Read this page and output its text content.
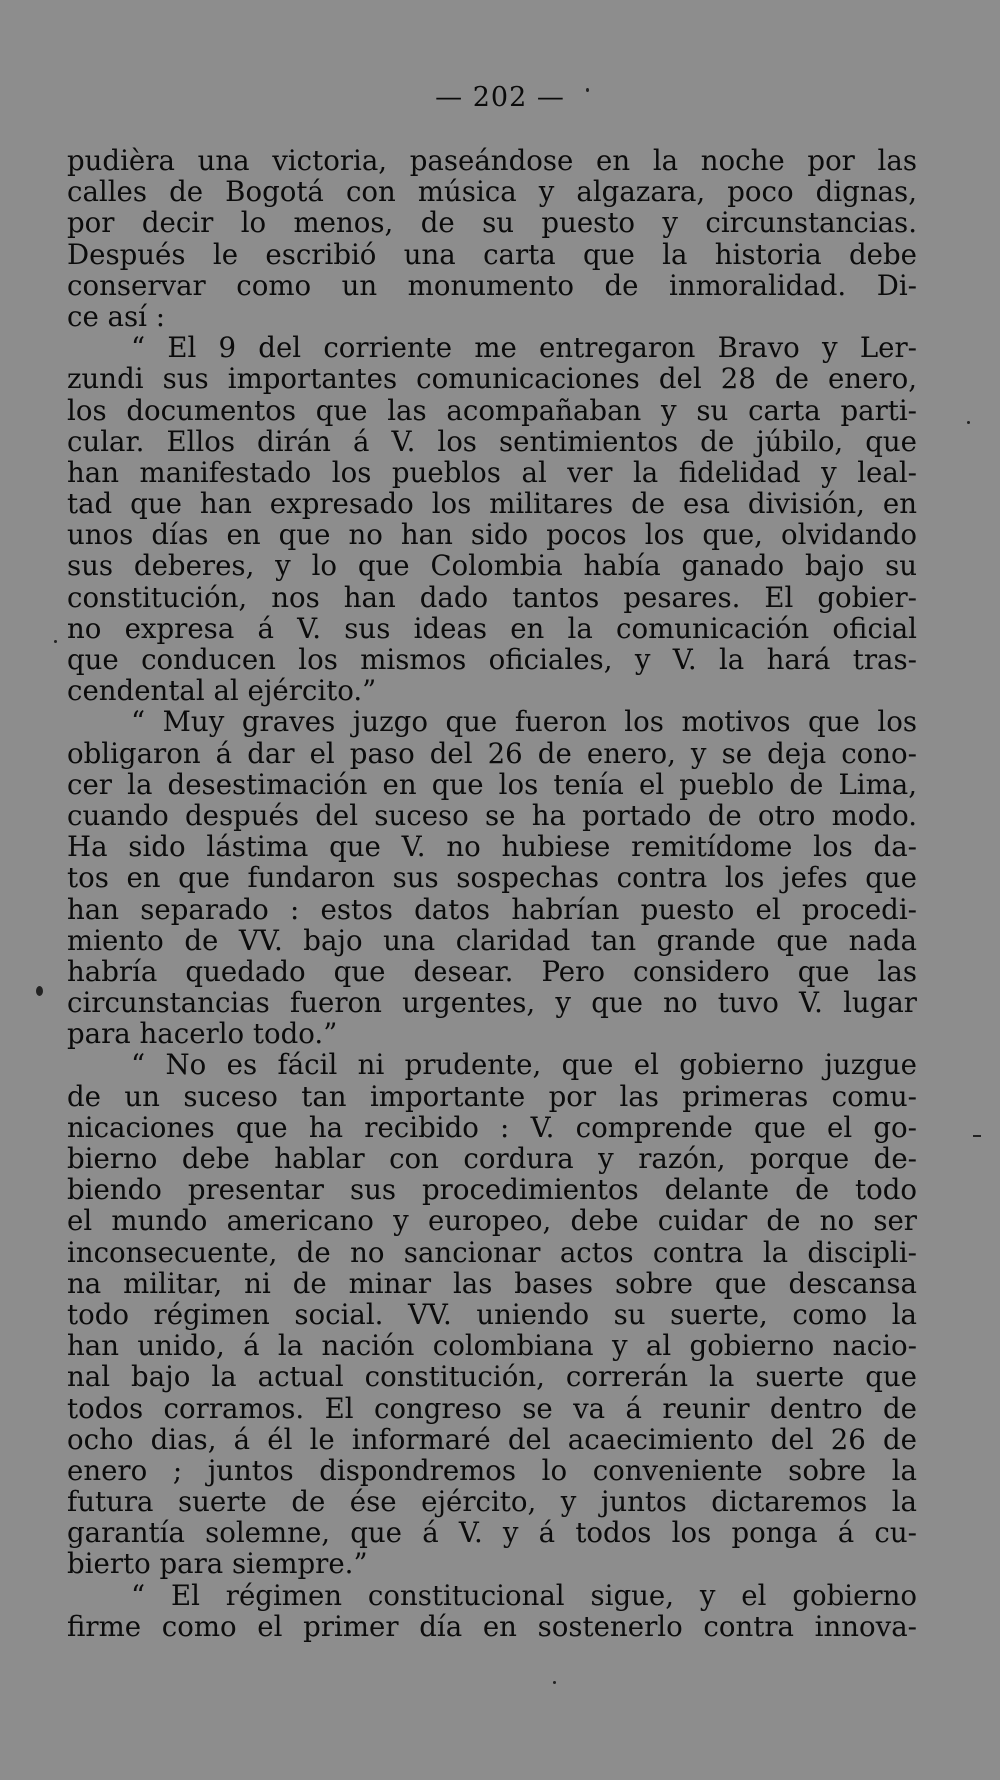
— 202 —
pudièra una victoria, paseándose en la noche por las
calles de Bogotá con música y algazara, poco dignas,
por decir lo menos, de su puesto y circunstancias.
Después le escribió una carta que la historia debe
conservar como un monumento de inmoralidad. Di-
ce así :
“ El 9 del corriente me entregaron Bravo y Ler-
zundi sus importantes comunicaciones del 28 de enero,
los documentos que las acompañaban y su carta parti-
cular. Ellos dirán á V. los sentimientos de júbilo, que
han manifestado los pueblos al ver la fidelidad y leal-
tad que han expresado los militares de esa división, en
unos días en que no han sido pocos los que, olvidando
sus deberes, y lo que Colombia había ganado bajo su
constitución, nos han dado tantos pesares. El gobier-
no expresa á V. sus ideas en la comunicación oficial
que conducen los mismos oficiales, y V. la hará tras-
cendental al ejército.”
“ Muy graves juzgo que fueron los motivos que los
obligaron á dar el paso del 26 de enero, y se deja cono-
cer la desestimación en que los tenía el pueblo de Lima,
cuando después del suceso se ha portado de otro modo.
Ha sido lástima que V. no hubiese remitídome los da-
tos en que fundaron sus sospechas contra los jefes que
han separado : estos datos habrían puesto el procedi-
miento de VV. bajo una claridad tan grande que nada
habría quedado que desear. Pero considero que las
circunstancias fueron urgentes, y que no tuvo V. lugar
para hacerlo todo.”
“ No es fácil ni prudente, que el gobierno juzgue
de un suceso tan importante por las primeras comu-
nicaciones que ha recibido : V. comprende que el go-
bierno debe hablar con cordura y razón, porque de-
biendo presentar sus procedimientos delante de todo
el mundo americano y europeo, debe cuidar de no ser
inconsecuente, de no sancionar actos contra la discipli-
na militar, ni de minar las bases sobre que descansa
todo régimen social. VV. uniendo su suerte, como la
han unido, á la nación colombiana y al gobierno nacio-
nal bajo la actual constitución, correrán la suerte que
todos corramos. El congreso se va á reunir dentro de
ocho dias, á él le informaré del acaecimiento del 26 de
enero ; juntos dispondremos lo conveniente sobre la
futura suerte de ése ejército, y juntos dictaremos la
garantía solemne, que á V. y á todos los ponga á cu-
bierto para siempre.”
“ El régimen constitucional sigue, y el gobierno
firme como el primer día en sostenerlo contra innova-
